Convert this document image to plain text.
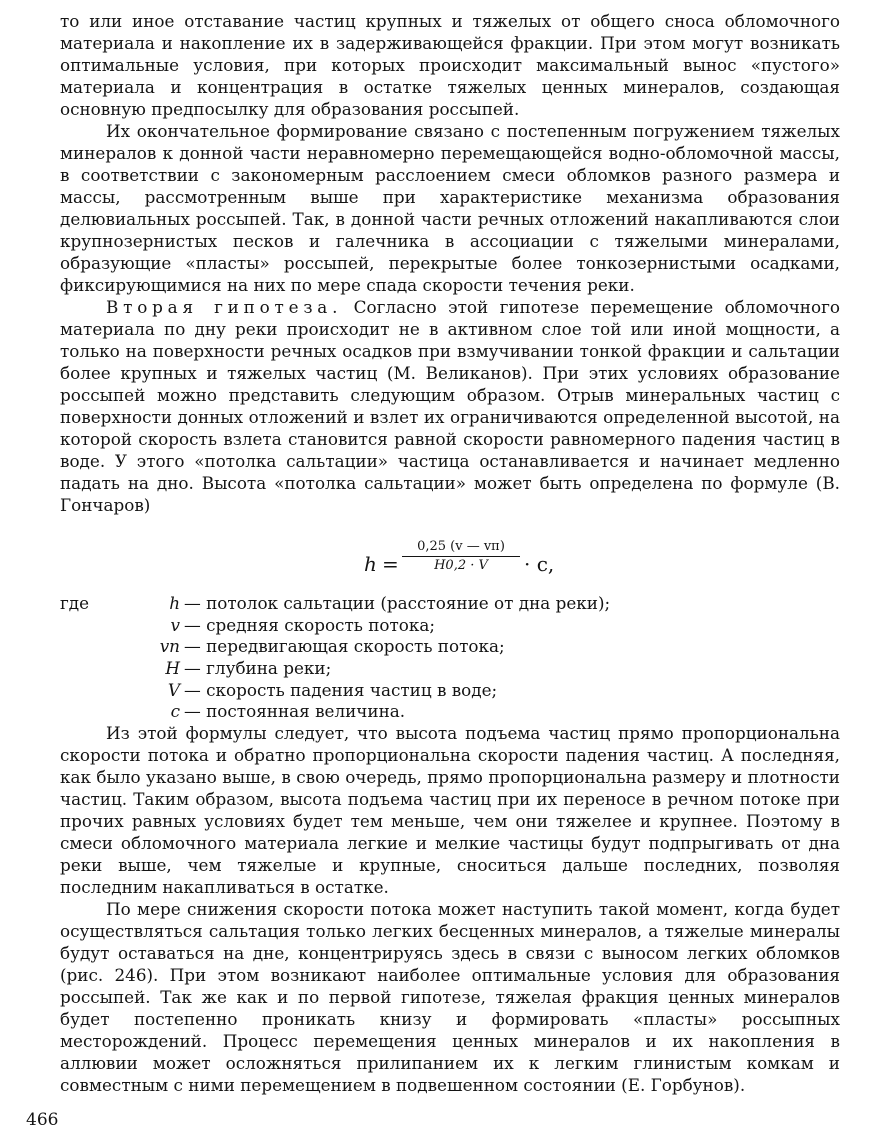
то или иное отставание частиц крупных и тяжелых от общего сноса обломочного материала и накопление их в задерживающейся фракции. При этом могут возникать оптимальные условия, при которых происходит максимальный вынос «пустого» материала и концентрация в остатке тяжелых ценных минералов, создающая основную предпосылку для образования россыпей.

Их окончательное формирование связано с постепенным погружением тяжелых минералов к донной части неравномерно перемещающейся водно-обломочной массы, в соответствии с закономерным расслоением смеси обломков разного размера и массы, рассмотренным выше при характеристике механизма образования делювиальных россыпей. Так, в донной части речных отложений накапливаются слои крупнозернистых песков и галечника в ассоциации с тяжелыми минералами, образующие «пласты» россыпей, перекрытые более тонкозернистыми осадками, фиксирующимися на них по мере спада скорости течения реки.

Вторая гипотеза. Согласно этой гипотезе перемещение обломочного материала по дну реки происходит не в активном слое той или иной мощности, а только на поверхности речных осадков при взмучивании тонкой фракции и сальтации более крупных и тяжелых частиц (М. Великанов). При этих условиях образование россыпей можно представить следующим образом. Отрыв минеральных частиц с поверхности донных отложений и взлет их ограничиваются определенной высотой, на которой скорость взлета становится равной скорости равномерного падения частиц в воде. У этого «потолка сальтации» частица останавливается и начинает медленно падать на дно. Высота «потолка сальтации» может быть определена по формуле (В. Гончаров)

h =
0,25 (v — vп)
H0,2 · V	· c,
где	h — потолок сальтации (расстояние от дна реки);
v — средняя скорость потока;
vп — передвигающая скорость потока;
H — глубина реки;
V — скорость падения частиц в воде;
c — постоянная величина.

Из этой формулы следует, что высота подъема частиц прямо пропорциональна скорости потока и обратно пропорциональна скорости падения частиц. А последняя, как было указано выше, в свою очередь, прямо пропорциональна размеру и плотности частиц. Таким образом, высота подъема частиц при их переносе в речном потоке при прочих равных условиях будет тем меньше, чем они тяжелее и крупнее. Поэтому в смеси обломочного материала легкие и мелкие частицы будут подпрыгивать от дна реки выше, чем тяжелые и крупные, сноситься дальше последних, позволяя последним накапливаться в остатке.

По мере снижения скорости потока может наступить такой момент, когда будет осуществляться сальтация только легких бесценных минералов, а тяжелые минералы будут оставаться на дне, концентрируясь здесь в связи с выносом легких обломков (рис. 246). При этом возникают наиболее оптимальные условия для образования россыпей. Так же как и по первой гипотезе, тяжелая фракция ценных минералов будет постепенно проникать книзу и формировать «пласты» россыпных месторождений. Процесс перемещения ценных минералов и их накопления в аллювии может осложняться прилипанием их к легким глинистым комкам и совместным с ними перемещением в подвешенном состоянии (Е. Горбунов).

466
